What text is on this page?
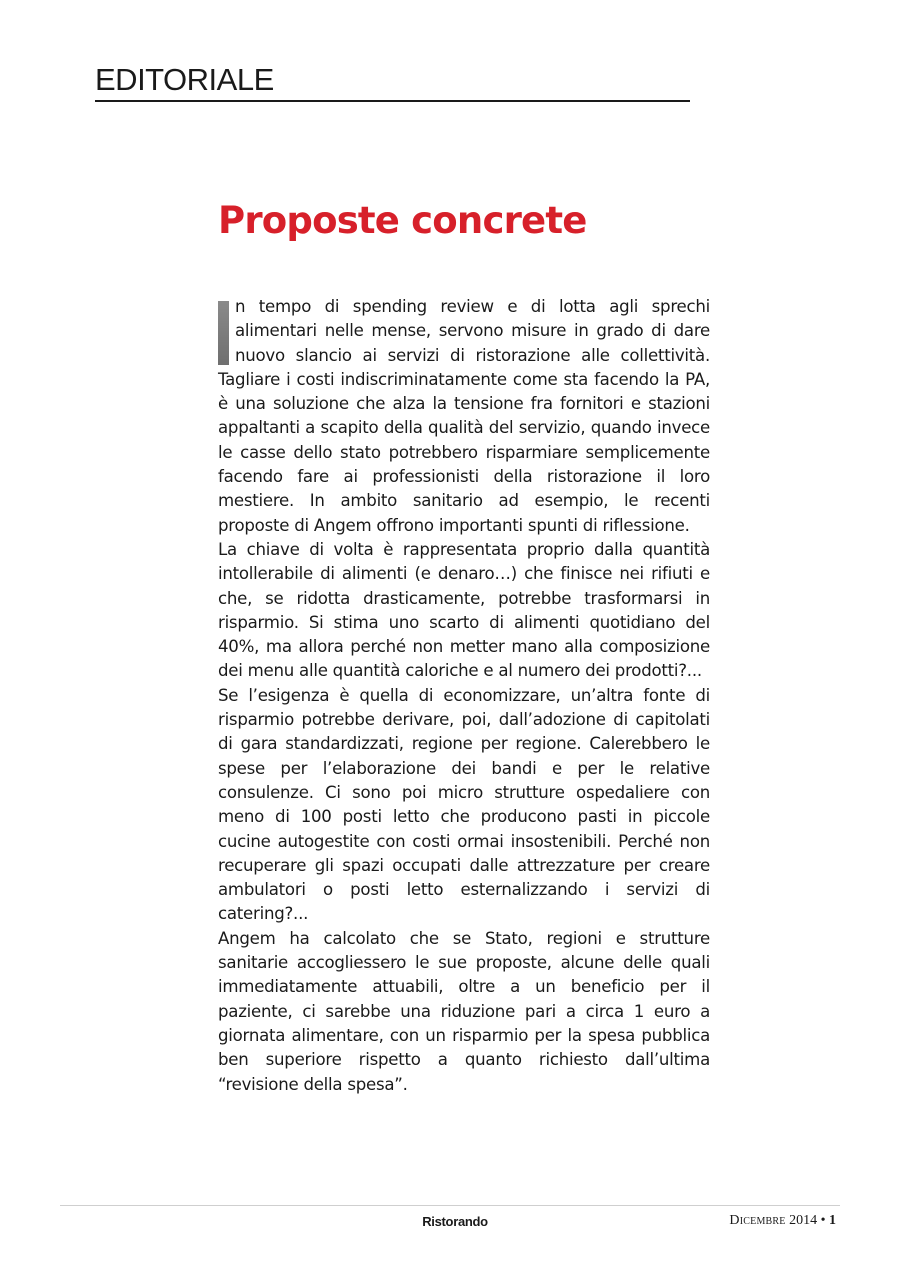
EDITORIALE
Proposte concrete

n tempo di spending review e di lotta agli sprechi alimentari nelle mense, servono misure in grado di dare nuovo slancio ai servizi di ristorazione alle collettività. Tagliare i costi indiscriminatamente come sta facendo la PA, è una soluzione che alza la tensione fra fornitori e stazioni appaltanti a scapito della qualità del servizio, quando invece le casse dello stato potrebbero risparmiare semplicemente facendo fare ai professionisti della ristorazione il loro mestiere. In ambito sanitario ad esempio, le recenti proposte di Angem offrono importanti spunti di riflessione.

La chiave di volta è rappresentata proprio dalla quantità intollerabile di alimenti (e denaro…) che finisce nei rifiuti e che, se ridotta drasticamente, potrebbe trasformarsi in risparmio. Si stima uno scarto di alimenti quotidiano del 40%, ma allora perché non metter mano alla composizione dei menu alle quantità caloriche e al numero dei prodotti?...

Se l’esigenza è quella di economizzare, un’altra fonte di risparmio potrebbe derivare, poi, dall’adozione di capitolati di gara standardizzati, regione per regione. Calerebbero le spese per l’elaborazione dei bandi e per le relative consulenze. Ci sono poi micro strutture ospedaliere con meno di 100 posti letto che producono pasti in piccole cucine autogestite con costi ormai insostenibili. Perché non recuperare gli spazi occupati dalle attrezzature per creare ambulatori o posti letto esternalizzando i servizi di catering?...

Angem ha calcolato che se Stato, regioni e strutture sanitarie accogliessero le sue proposte, alcune delle quali immediatamente attuabili, oltre a un beneficio per il paziente, ci sarebbe una riduzione pari a circa 1 euro a giornata alimentare, con un risparmio per la spesa pubblica ben superiore rispetto a quanto richiesto dall’ultima “revisione della spesa”.

Ristorando	Dicembre 2014 • 1
